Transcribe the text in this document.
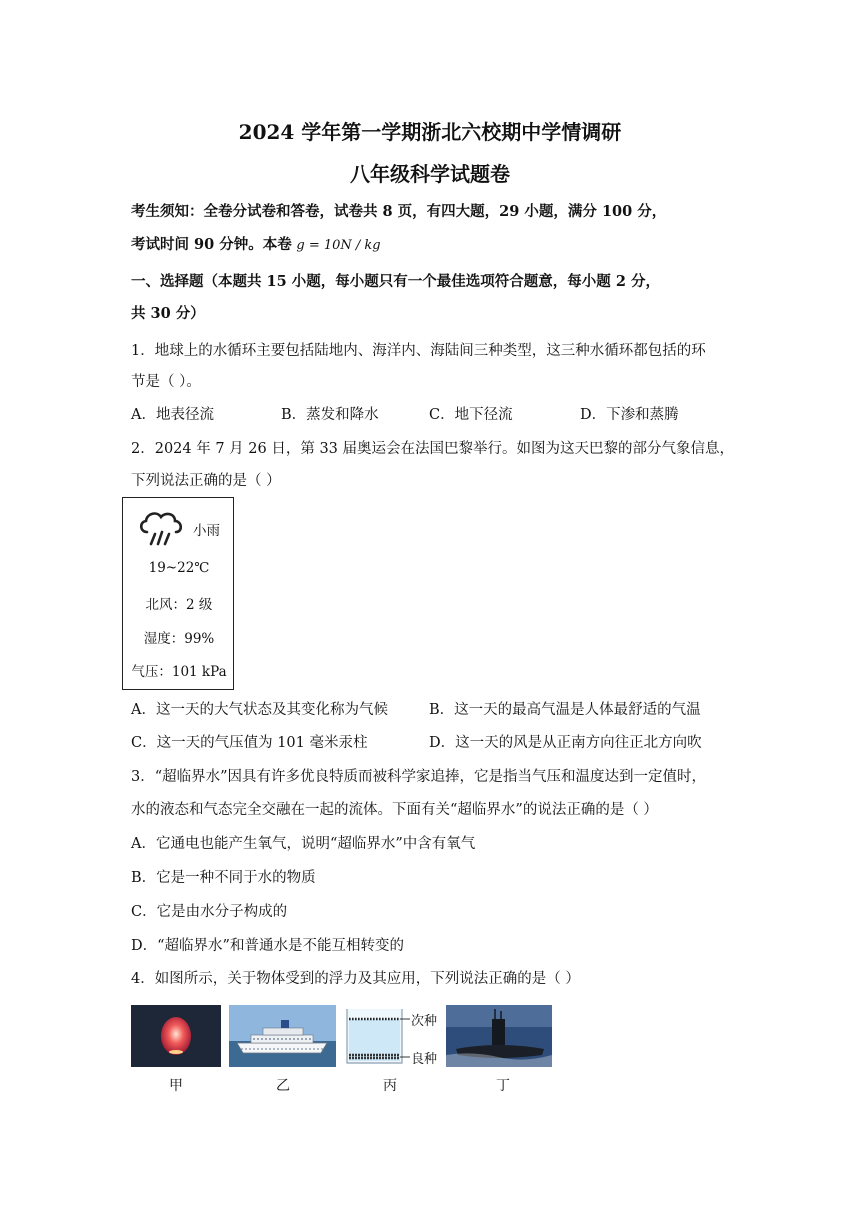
2024 学年第一学期浙北六校期中学情调研
八年级科学试题卷
考生须知：全卷分试卷和答卷，试卷共 8 页，有四大题，29 小题，满分 100 分，
考试时间 90 分钟。本卷 g = 10N / kg
一、选择题（本题共 15 小题，每小题只有一个最佳选项符合题意，每小题 2 分，
共 30 分）
1．地球上的水循环主要包括陆地内、海洋内、海陆间三种类型，这三种水循环都包括的环
节是（ ）。
A．地表径流	B．蒸发和降水	C．地下径流	D．下渗和蒸腾
2．2024 年 7 月 26 日，第 33 届奥运会在法国巴黎举行。如图为这天巴黎的部分气象信息，
下列说法正确的是（ ）
小雨
19~22℃
北风：2 级
湿度：99%
气压：101 kPa
A．这一天的大气状态及其变化称为气候	B．这一天的最高气温是人体最舒适的气温
C．这一天的气压值为 101 毫米汞柱	D．这一天的风是从正南方向往正北方向吹
3．“超临界水”因具有许多优良特质而被科学家追捧，它是指当气压和温度达到一定值时，
水的液态和气态完全交融在一起的流体。下面有关“超临界水”的说法正确的是（ ）
A．它通电也能产生氧气，说明“超临界水”中含有氧气
B．它是一种不同于水的物质
C．它是由水分子构成的
D．“超临界水”和普通水是不能互相转变的
4．如图所示，关于物体受到的浮力及其应用，下列说法正确的是（ ）
次种
良种
甲	乙	丙	丁
